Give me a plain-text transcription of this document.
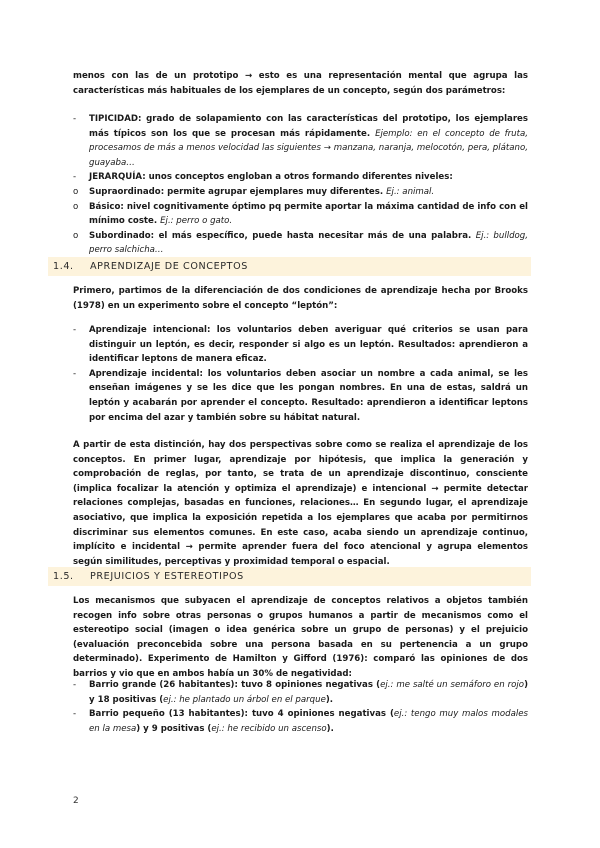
menos con las de un prototipo → esto es una representación mental que agrupa las características más habituales de los ejemplares de un concepto, según dos parámetros:

- TIPICIDAD: grado de solapamiento con las características del prototipo, los ejemplares más típicos son los que se procesan más rápidamente. Ejemplo: en el concepto de fruta, procesamos de más a menos velocidad las siguientes → manzana, naranja, melocotón, pera, plátano, guayaba…
- JERARQUÍA: unos conceptos engloban a otros formando diferentes niveles:
o Supraordinado: permite agrupar ejemplares muy diferentes. Ej.: animal.
o Básico: nivel cognitivamente óptimo pq permite aportar la máxima cantidad de info con el mínimo coste. Ej.: perro o gato.
o Subordinado: el más específico, puede hasta necesitar más de una palabra. Ej.: bulldog, perro salchicha…
1.4. APRENDIZAJE DE CONCEPTOS

Primero, partimos de la diferenciación de dos condiciones de aprendizaje hecha por Brooks (1978) en un experimento sobre el concepto “leptón”:

- Aprendizaje intencional: los voluntarios deben averiguar qué criterios se usan para distinguir un leptón, es decir, responder si algo es un leptón. Resultados: aprendieron a identificar leptons de manera eficaz.
- Aprendizaje incidental: los voluntarios deben asociar un nombre a cada animal, se les enseñan imágenes y se les dice que les pongan nombres. En una de estas, saldrá un leptón y acabarán por aprender el concepto. Resultado: aprendieron a identificar leptons por encima del azar y también sobre su hábitat natural.

A partir de esta distinción, hay dos perspectivas sobre como se realiza el aprendizaje de los conceptos. En primer lugar, aprendizaje por hipótesis, que implica la generación y comprobación de reglas, por tanto, se trata de un aprendizaje discontinuo, consciente (implica focalizar la atención y optimiza el aprendizaje) e intencional → permite detectar relaciones complejas, basadas en funciones, relaciones… En segundo lugar, el aprendizaje asociativo, que implica la exposición repetida a los ejemplares que acaba por permitirnos discriminar sus elementos comunes. En este caso, acaba siendo un aprendizaje continuo, implícito e incidental → permite aprender fuera del foco atencional y agrupa elementos según similitudes, perceptivas y proximidad temporal o espacial.

1.5. PREJUICIOS Y ESTEREOTIPOS

Los mecanismos que subyacen el aprendizaje de conceptos relativos a objetos también recogen info sobre otras personas o grupos humanos a partir de mecanismos como el estereotipo social (imagen o idea genérica sobre un grupo de personas) y el prejuicio (evaluación preconcebida sobre una persona basada en su pertenencia a un grupo determinado). Experimento de Hamilton y Gifford (1976): comparó las opiniones de dos barrios y vio que en ambos había un 30% de negatividad:

- Barrio grande (26 habitantes): tuvo 8 opiniones negativas (ej.: me salté un semáforo en rojo) y 18 positivas (ej.: he plantado un árbol en el parque).
- Barrio pequeño (13 habitantes): tuvo 4 opiniones negativas (ej.: tengo muy malos modales en la mesa) y 9 positivas (ej.: he recibido un ascenso).
2
